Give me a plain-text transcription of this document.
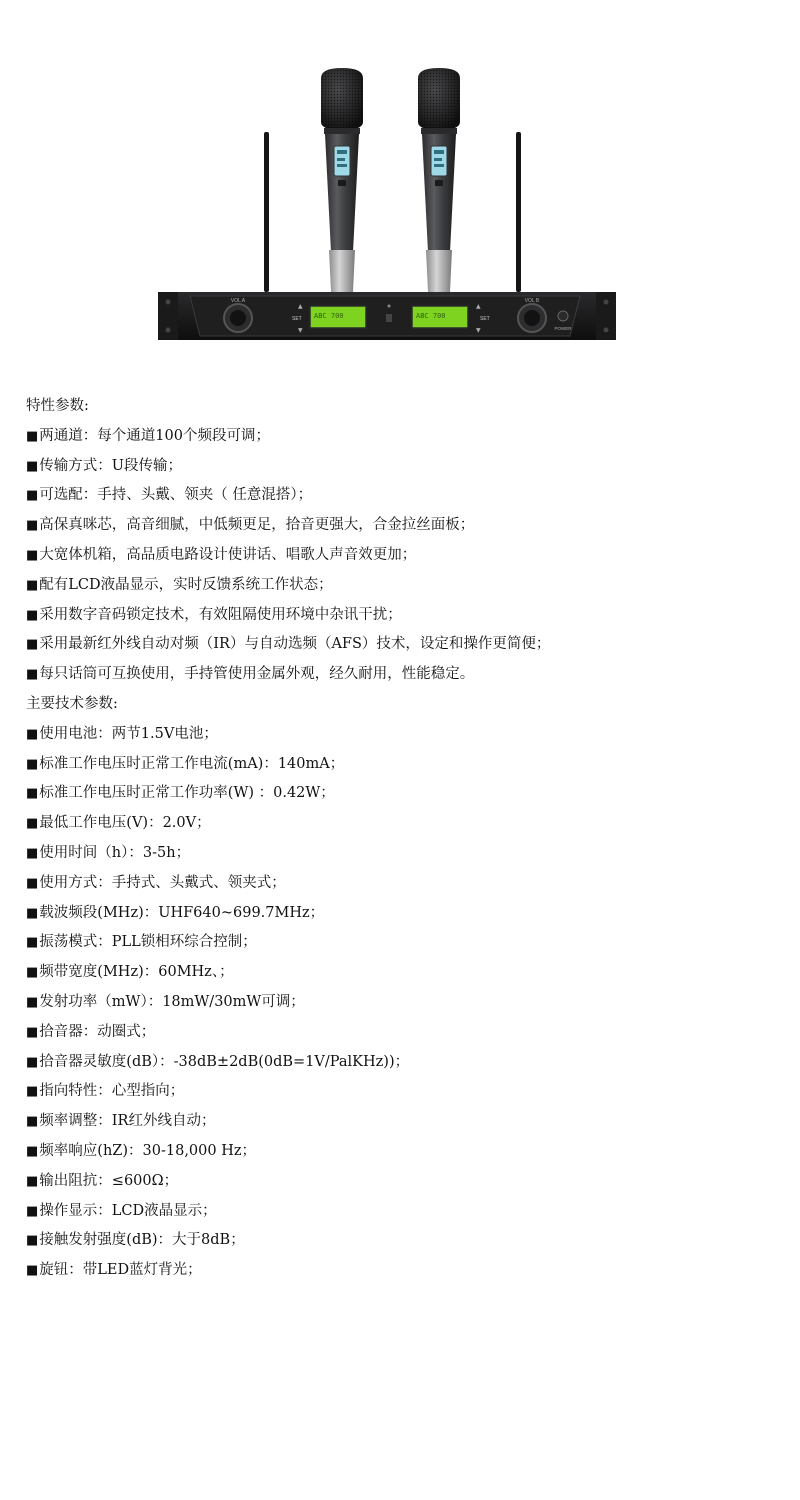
VOL A	VOL B
SET	SET
▲
▼
▲
▼
ABC 700	ABC 700
POWER
特性参数:
■ 两通道：每个通道100个频段可调；
■ 传输方式：U段传输；
■ 可选配：手持、头戴、领夹（ 任意混搭）；
■ 高保真咪芯，高音细腻，中低频更足，拾音更强大，合金拉丝面板；
■ 大宽体机箱，高品质电路设计使讲话、唱歌人声音效更加；
■ 配有LCD液晶显示，实时反馈系统工作状态；
■ 采用数字音码锁定技术，有效阻隔使用环境中杂讯干扰；
■ 采用最新红外线自动对频（IR）与自动选频（AFS）技术，设定和操作更简便；
■ 每只话筒可互换使用，手持管使用金属外观，经久耐用，性能稳定。
主要技术参数:
■ 使用电池：两节1.5V电池；
■ 标准工作电压时正常工作电流(mA)：140mA；
■ 标准工作电压时正常工作功率(W) ：0.42W；
■ 最低工作电压(V)：2.0V；
■ 使用时间（h）：3-5h；
■ 使用方式：手持式、头戴式、领夹式；
■ 载波频段(MHz)：UHF640~699.7MHz；
■ 振荡模式：PLL锁相环综合控制；
■ 频带宽度(MHz)：60MHz、；
■ 发射功率（mW）：18mW/30mW可调；
■ 拾音器：动圈式；
■ 拾音器灵敏度(dB）：-38dB±2dB(0dB=1V/PalKHz))；
■ 指向特性：心型指向；
■ 频率调整：IR红外线自动；
■ 频率响应(hZ)：30-18,000 Hz；
■ 输出阻抗：≤600Ω；
■ 操作显示：LCD液晶显示；
■ 接触发射强度(dB)：大于8dB；
■ 旋钮：带LED蓝灯背光；
